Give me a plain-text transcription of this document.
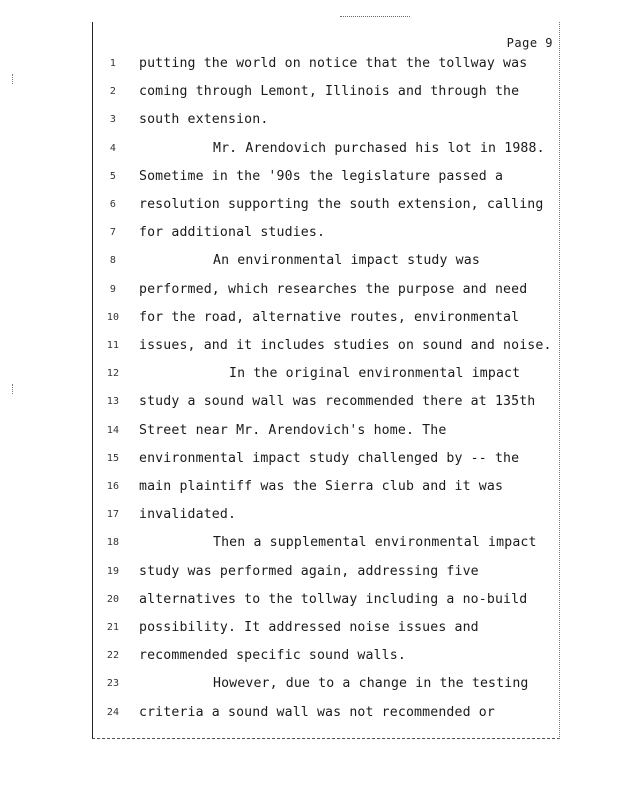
Page 9
1	putting the world on notice that the tollway was
2	coming through Lemont, Illinois and through the
3	south extension.
4	Mr. Arendovich purchased his lot in 1988.
5	Sometime in the '90s the legislature passed a
6	resolution supporting the south extension, calling
7	for additional studies.
8	An environmental impact study was
9	performed, which researches the purpose and need
10 for the road, alternative routes, environmental
11 issues, and it includes studies on sound and noise.
12	In the original environmental impact
13 study a sound wall was recommended there at 135th
14 Street near Mr. Arendovich's home. The
15 environmental impact study challenged by -- the
16 main plaintiff was the Sierra club and it was
17 invalidated.
18	Then a supplemental environmental impact
19 study was performed again, addressing five
20 alternatives to the tollway including a no-build
21 possibility. It addressed noise issues and
22 recommended specific sound walls.
23	However, due to a change in the testing
24 criteria a sound wall was not recommended or
